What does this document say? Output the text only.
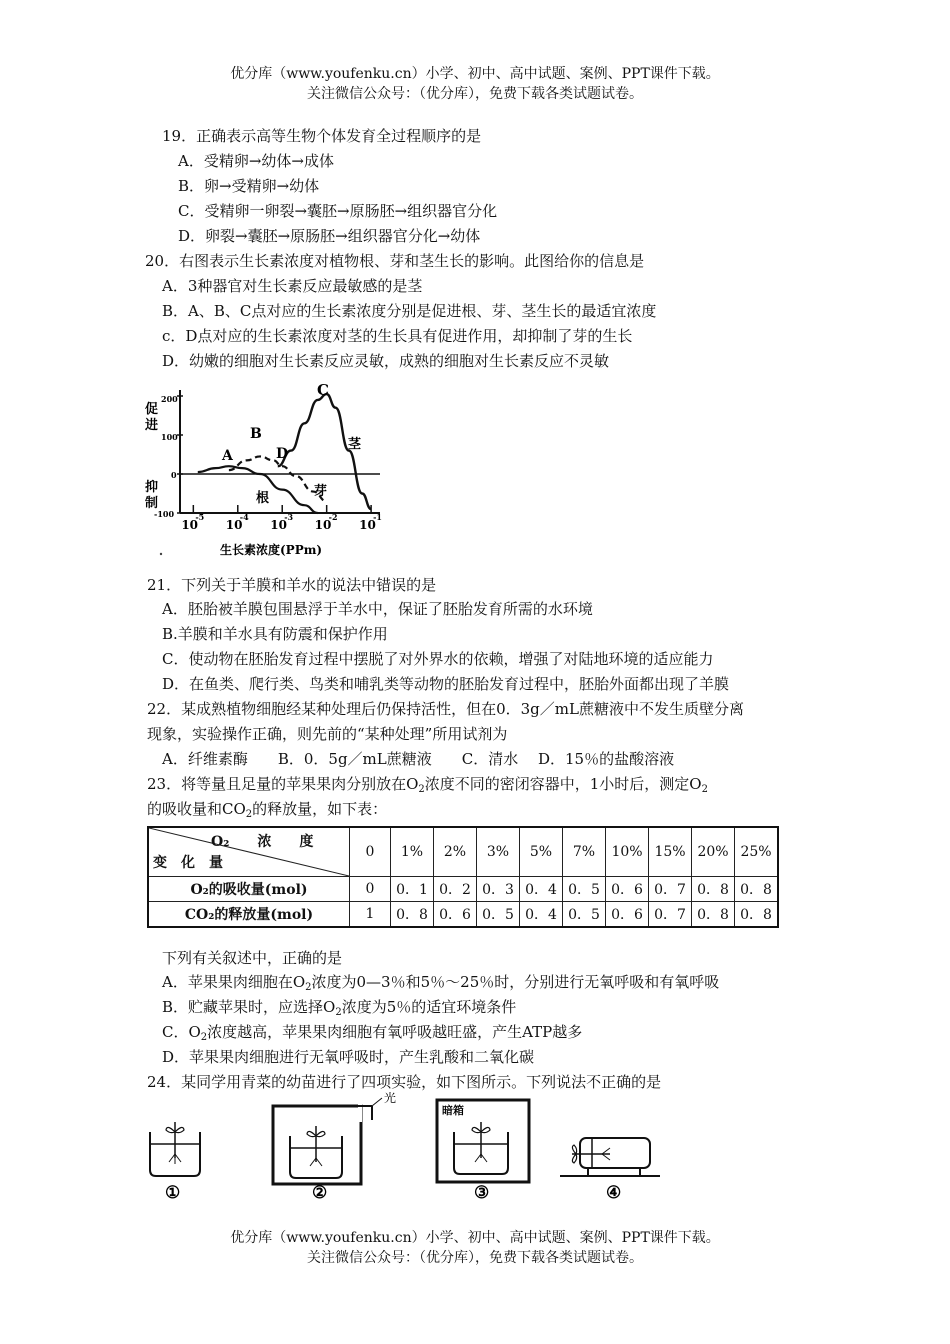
优分库（www.youfenku.cn）小学、初中、高中试题、案例、PPT课件下载。
关注微信公众号：（优分库），免费下载各类试题试卷。
19．正确表示高等生物个体发育全过程顺序的是
A．受精卵→幼体→成体
B．卵→受精卵→幼体
C．受精卵一卵裂→囊胚→原肠胚→组织器官分化
D．卵裂→囊胚→原肠胚→组织器官分化→幼体
20．右图表示生长素浓度对植物根、芽和茎生长的影响。此图给你的信息是
A．3种器官对生长素反应最敏感的是茎
B．A、B、C点对应的生长素浓度分别是促进根、芽、茎生长的最适宜浓度
c．D点对应的生长素浓度对茎的生长具有促进作用，却抑制了芽的生长
D．幼嫩的细胞对生长素反应灵敏，成熟的细胞对生长素反应不灵敏
促
进
抑
制
200
100
0
-100
10
-5
10
-4
10
-3
10
-2
10
-1
A
B
C
D
茎
根	芽
生长素浓度(PPm)
21．下列关于羊膜和羊水的说法中错误的是
A．胚胎被羊膜包围悬浮于羊水中，保证了胚胎发育所需的水环境
B.羊膜和羊水具有防震和保护作用
C．使动物在胚胎发育过程中摆脱了对外界水的依赖，增强了对陆地环境的适应能力
D．在鱼类、爬行类、鸟类和哺乳类等动物的胚胎发育过程中，胚胎外面都出现了羊膜
22．某成熟植物细胞经某种处理后仍保持活性，但在0．3g／mL蔗糖液中不发生质壁分离
现象，实验操作正确，则先前的“某种处理”所用试剂为
A．纤维素酶　　B．0．5g／mL蔗糖液　　C．清水　 D．15％的盐酸溶液
23．将等量且足量的苹果果肉分别放在$O_2$浓度不同的密闭容器中，1小时后，测定$O_2$
的吸收量和$CO_2$的释放量，如下表：
O₂　　浓　　度
变　化　量	0	1%	2%	3%	5%	7%	10%	15%	20%	25%
O₂的吸收量(mol)	0	0．1	0．2	0．3	0．4	0．5	0．6	0．7	0．8	0．8
CO₂的释放量(mol)	1	0．8	0．6	0．5	0．4	0．5	0．6	0．7	0．8	0．8
下列有关叙述中，正确的是
A．苹果果肉细胞在$O_2$浓度为0—3％和5％～25％时，分别进行无氧呼吸和有氧呼吸
B．贮藏苹果时，应选择$O_2$浓度为5％的适宜环境条件
C．$O_2$浓度越高，苹果果肉细胞有氧呼吸越旺盛，产生ATP越多
D．苹果果肉细胞进行无氧呼吸时，产生乳酸和二氧化碳
24．某同学用青菜的幼苗进行了四项实验，如下图所示。下列说法不正确的是
①
光
②
暗箱
③	④
优分库（www.youfenku.cn）小学、初中、高中试题、案例、PPT课件下载。
关注微信公众号：（优分库），免费下载各类试题试卷。
